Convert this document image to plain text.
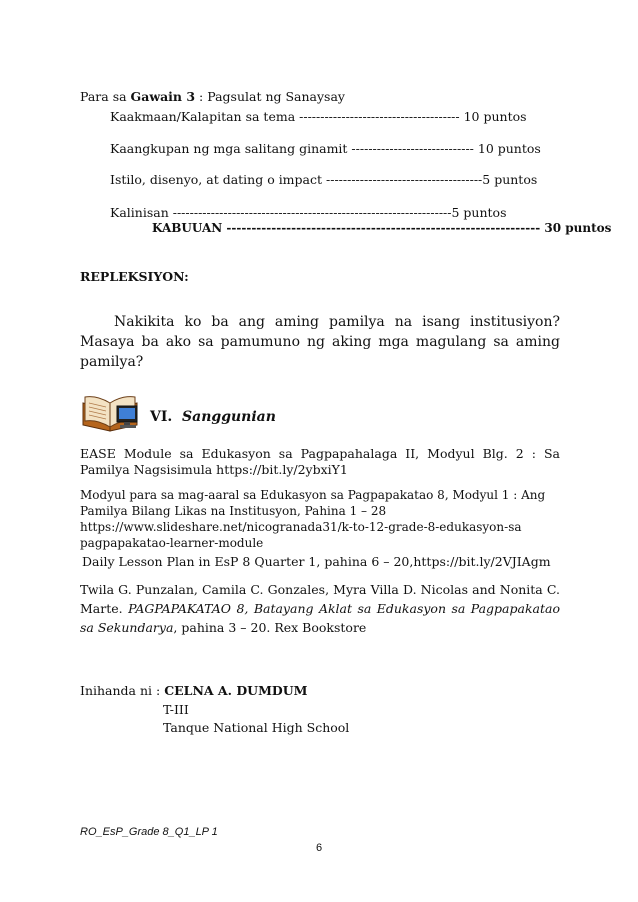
Para sa Gawain 3 : Pagsulat ng Sanaysay
Kaakmaan/Kalapitan sa tema -------------------------------------- 10 puntos
Kaangkupan ng mga salitang ginamit ----------------------------- 10 puntos
Istilo, disenyo, at dating o impact -------------------------------------5 puntos
Kalinisan ------------------------------------------------------------------5 puntos
KABUUAN --------------------------------------------------------------- 30 puntos
REPLEKSIYON:
Nakikita ko ba ang aming pamilya na isang institusiyon? Masaya ba ako sa pamumuno ng aking mga magulang sa aming pamilya?
VI. Sanggunian
EASE Module sa Edukasyon sa Pagpapahalaga II, Modyul Blg. 2 : Sa Pamilya Nagsisimula https://bit.ly/2ybxiY1
Modyul para sa mag-aaral sa Edukasyon sa Pagpapakatao 8, Modyul 1 : Ang Pamilya Bilang Likas na Institusyon, Pahina 1 – 28 https://www.slideshare.net/nicogranada31/k-to-12-grade-8-edukasyon-sa pagpapakatao-learner-module
Daily Lesson Plan in EsP 8 Quarter 1, pahina 6 – 20,https://bit.ly/2VJIAgm
Twila G. Punzalan, Camila C. Gonzales, Myra Villa D. Nicolas and Nonita C. Marte. PAGPAPAKATAO 8, Batayang Aklat sa Edukasyon sa Pagpapakatao sa Sekundarya, pahina 3 – 20. Rex Bookstore
Inihanda ni : CELNA A. DUMDUM
T-III
Tanque National High School
RO_EsP_Grade 8_Q1_LP 1
6
